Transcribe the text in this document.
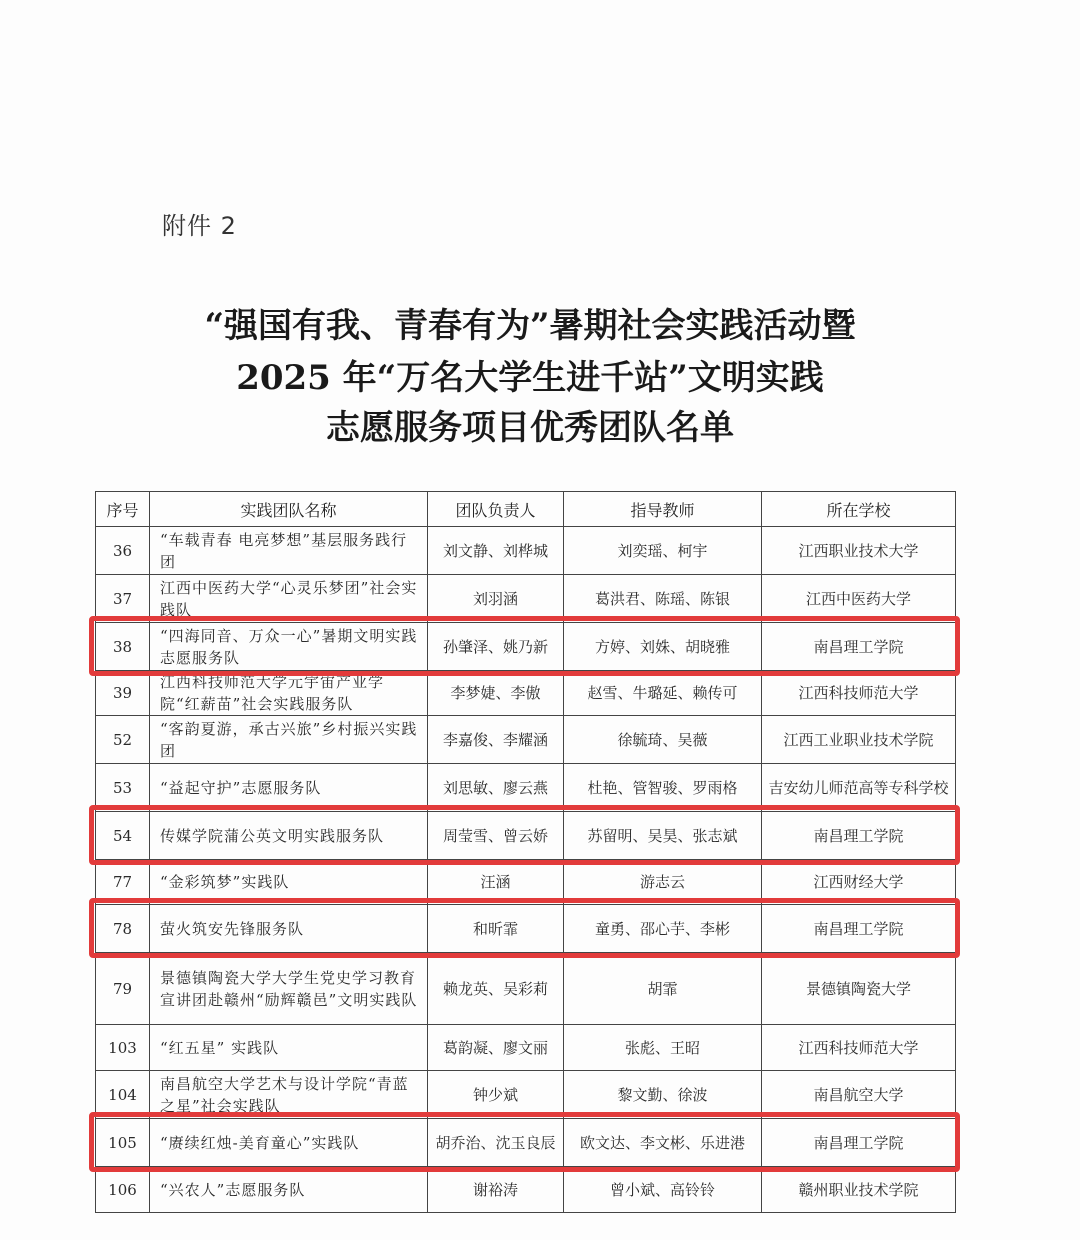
附件 2
“强国有我、青春有为”暑期社会实践活动暨
2025 年“万名大学生进千站”文明实践
志愿服务项目优秀团队名单
序号	实践团队名称	团队负责人	指导教师	所在学校
36	“车载青春 电亮梦想”基层服务践行团	刘文静、刘桦城	刘奕瑶、柯宇	江西职业技术大学
37	江西中医药大学“心灵乐梦团”社会实践队	刘羽涵	葛洪君、陈瑶、陈银	江西中医药大学
38	“四海同音、万众一心”暑期文明实践志愿服务队	孙肇泽、姚乃新	方婷、刘姝、胡晓雅	南昌理工学院
39	江西科技师范大学元宇宙产业学院“红薪苗”社会实践服务队	李梦婕、李傲	赵雪、牛璐延、赖传可	江西科技师范大学
52	“客韵夏游，承古兴旅”乡村振兴实践团	李嘉俊、李耀涵	徐毓琦、吴薇	江西工业职业技术学院
53	“益起守护”志愿服务队	刘思敏、廖云燕	杜艳、管智骏、罗雨格	吉安幼儿师范高等专科学校
54	传媒学院蒲公英文明实践服务队	周莹雪、曾云娇	苏留明、吴昊、张志斌	南昌理工学院
77	“金彩筑梦”实践队	汪涵	游志云	江西财经大学
78	萤火筑安先锋服务队	和昕霏	童勇、邵心芋、李彬	南昌理工学院
79	景德镇陶瓷大学大学生党史学习教育宣讲团赴赣州“励辉赣邑”文明实践队	赖龙英、吴彩莉	胡霏	景德镇陶瓷大学
103	“红五星” 实践队	葛韵凝、廖文丽	张彪、王昭	江西科技师范大学
104	南昌航空大学艺术与设计学院“青蓝之星”社会实践队	钟少斌	黎文勤、徐波	南昌航空大学
105	“赓续红烛-美育童心”实践队	胡乔治、沈玉良辰	欧文达、李文彬、乐进港	南昌理工学院
106	“兴农人”志愿服务队	谢裕涛	曾小斌、高铃铃	赣州职业技术学院
